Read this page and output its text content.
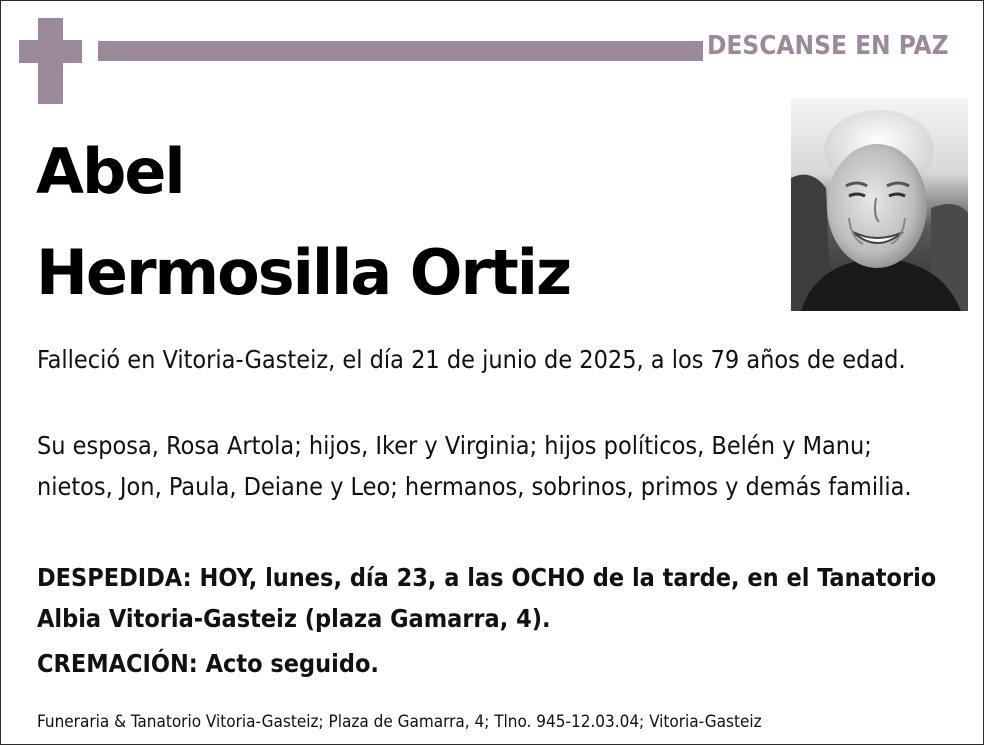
DESCANSE EN PAZ
Abel
Hermosilla Ortiz

Falleció en Vitoria-Gasteiz, el día 21 de junio de 2025, a los 79 años de edad.

Su esposa, Rosa Artola; hijos, Iker y Virginia; hijos políticos, Belén y Manu; nietos, Jon, Paula, Deiane y Leo; hermanos, sobrinos, primos y demás familia.

DESPEDIDA: HOY, lunes, día 23, a las OCHO de la tarde, en el Tanatorio Albia Vitoria-Gasteiz (plaza Gamarra, 4).

CREMACIÓN: Acto seguido.

Funeraria & Tanatorio Vitoria-Gasteiz; Plaza de Gamarra, 4; Tlno. 945-12.03.04; Vitoria-Gasteiz
